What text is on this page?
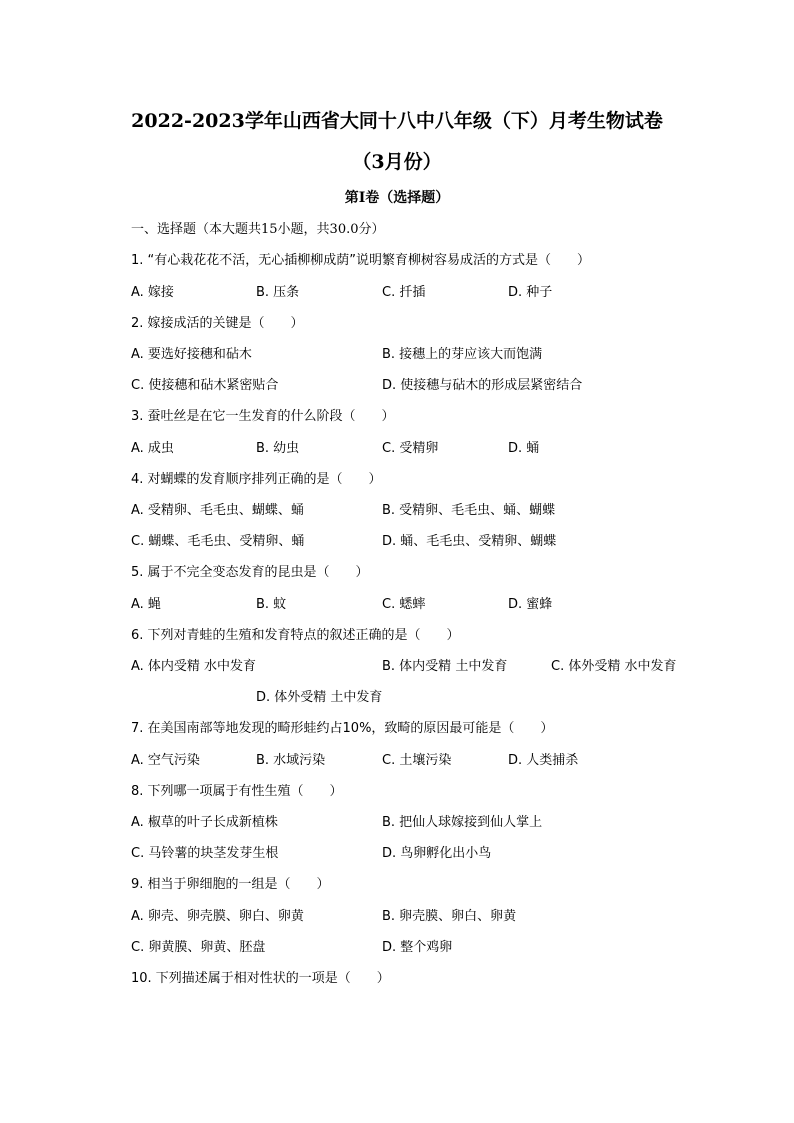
2022-2023学年山西省大同十八中八年级（下）月考生物试卷
（3月份）
第I卷（选择题）
一、选择题（本大题共15小题，共30.0分）
1. “有心栽花花不活，无心插柳柳成荫”说明繁育柳树容易成活的方式是（　　）
A. 嫁接	B. 压条	C. 扦插	D. 种子
2. 嫁接成活的关键是（　　）
A. 要选好接穗和砧木	B. 接穗上的芽应该大而饱满
C. 使接穗和砧木紧密贴合	D. 使接穗与砧木的形成层紧密结合
3. 蚕吐丝是在它一生发育的什么阶段（　　）
A. 成虫	B. 幼虫	C. 受精卵	D. 蛹
4. 对蝴蝶的发育顺序排列正确的是（　　）
A. 受精卵、毛毛虫、蝴蝶、蛹	B. 受精卵、毛毛虫、蛹、蝴蝶
C. 蝴蝶、毛毛虫、受精卵、蛹	D. 蛹、毛毛虫、受精卵、蝴蝶
5. 属于不完全变态发育的昆虫是（　　）
A. 蝇	B. 蚊	C. 蟋蟀	D. 蜜蜂
6. 下列对青蛙的生殖和发育特点的叙述正确的是（　　）
A. 体内受精 水中发育	B. 体内受精 土中发育	C. 体外受精 水中发育
D. 体外受精 土中发育
7. 在美国南部等地发现的畸形蛙约占10%，致畸的原因最可能是（　　）
A. 空气污染	B. 水域污染	C. 土壤污染	D. 人类捕杀
8. 下列哪一项属于有性生殖（　　）
A. 椒草的叶子长成新植株	B. 把仙人球嫁接到仙人掌上
C. 马铃薯的块茎发芽生根	D. 鸟卵孵化出小鸟
9. 相当于卵细胞的一组是（　　）
A. 卵壳、卵壳膜、卵白、卵黄	B. 卵壳膜、卵白、卵黄
C. 卵黄膜、卵黄、胚盘	D. 整个鸡卵
10. 下列描述属于相对性状的一项是（　　）
